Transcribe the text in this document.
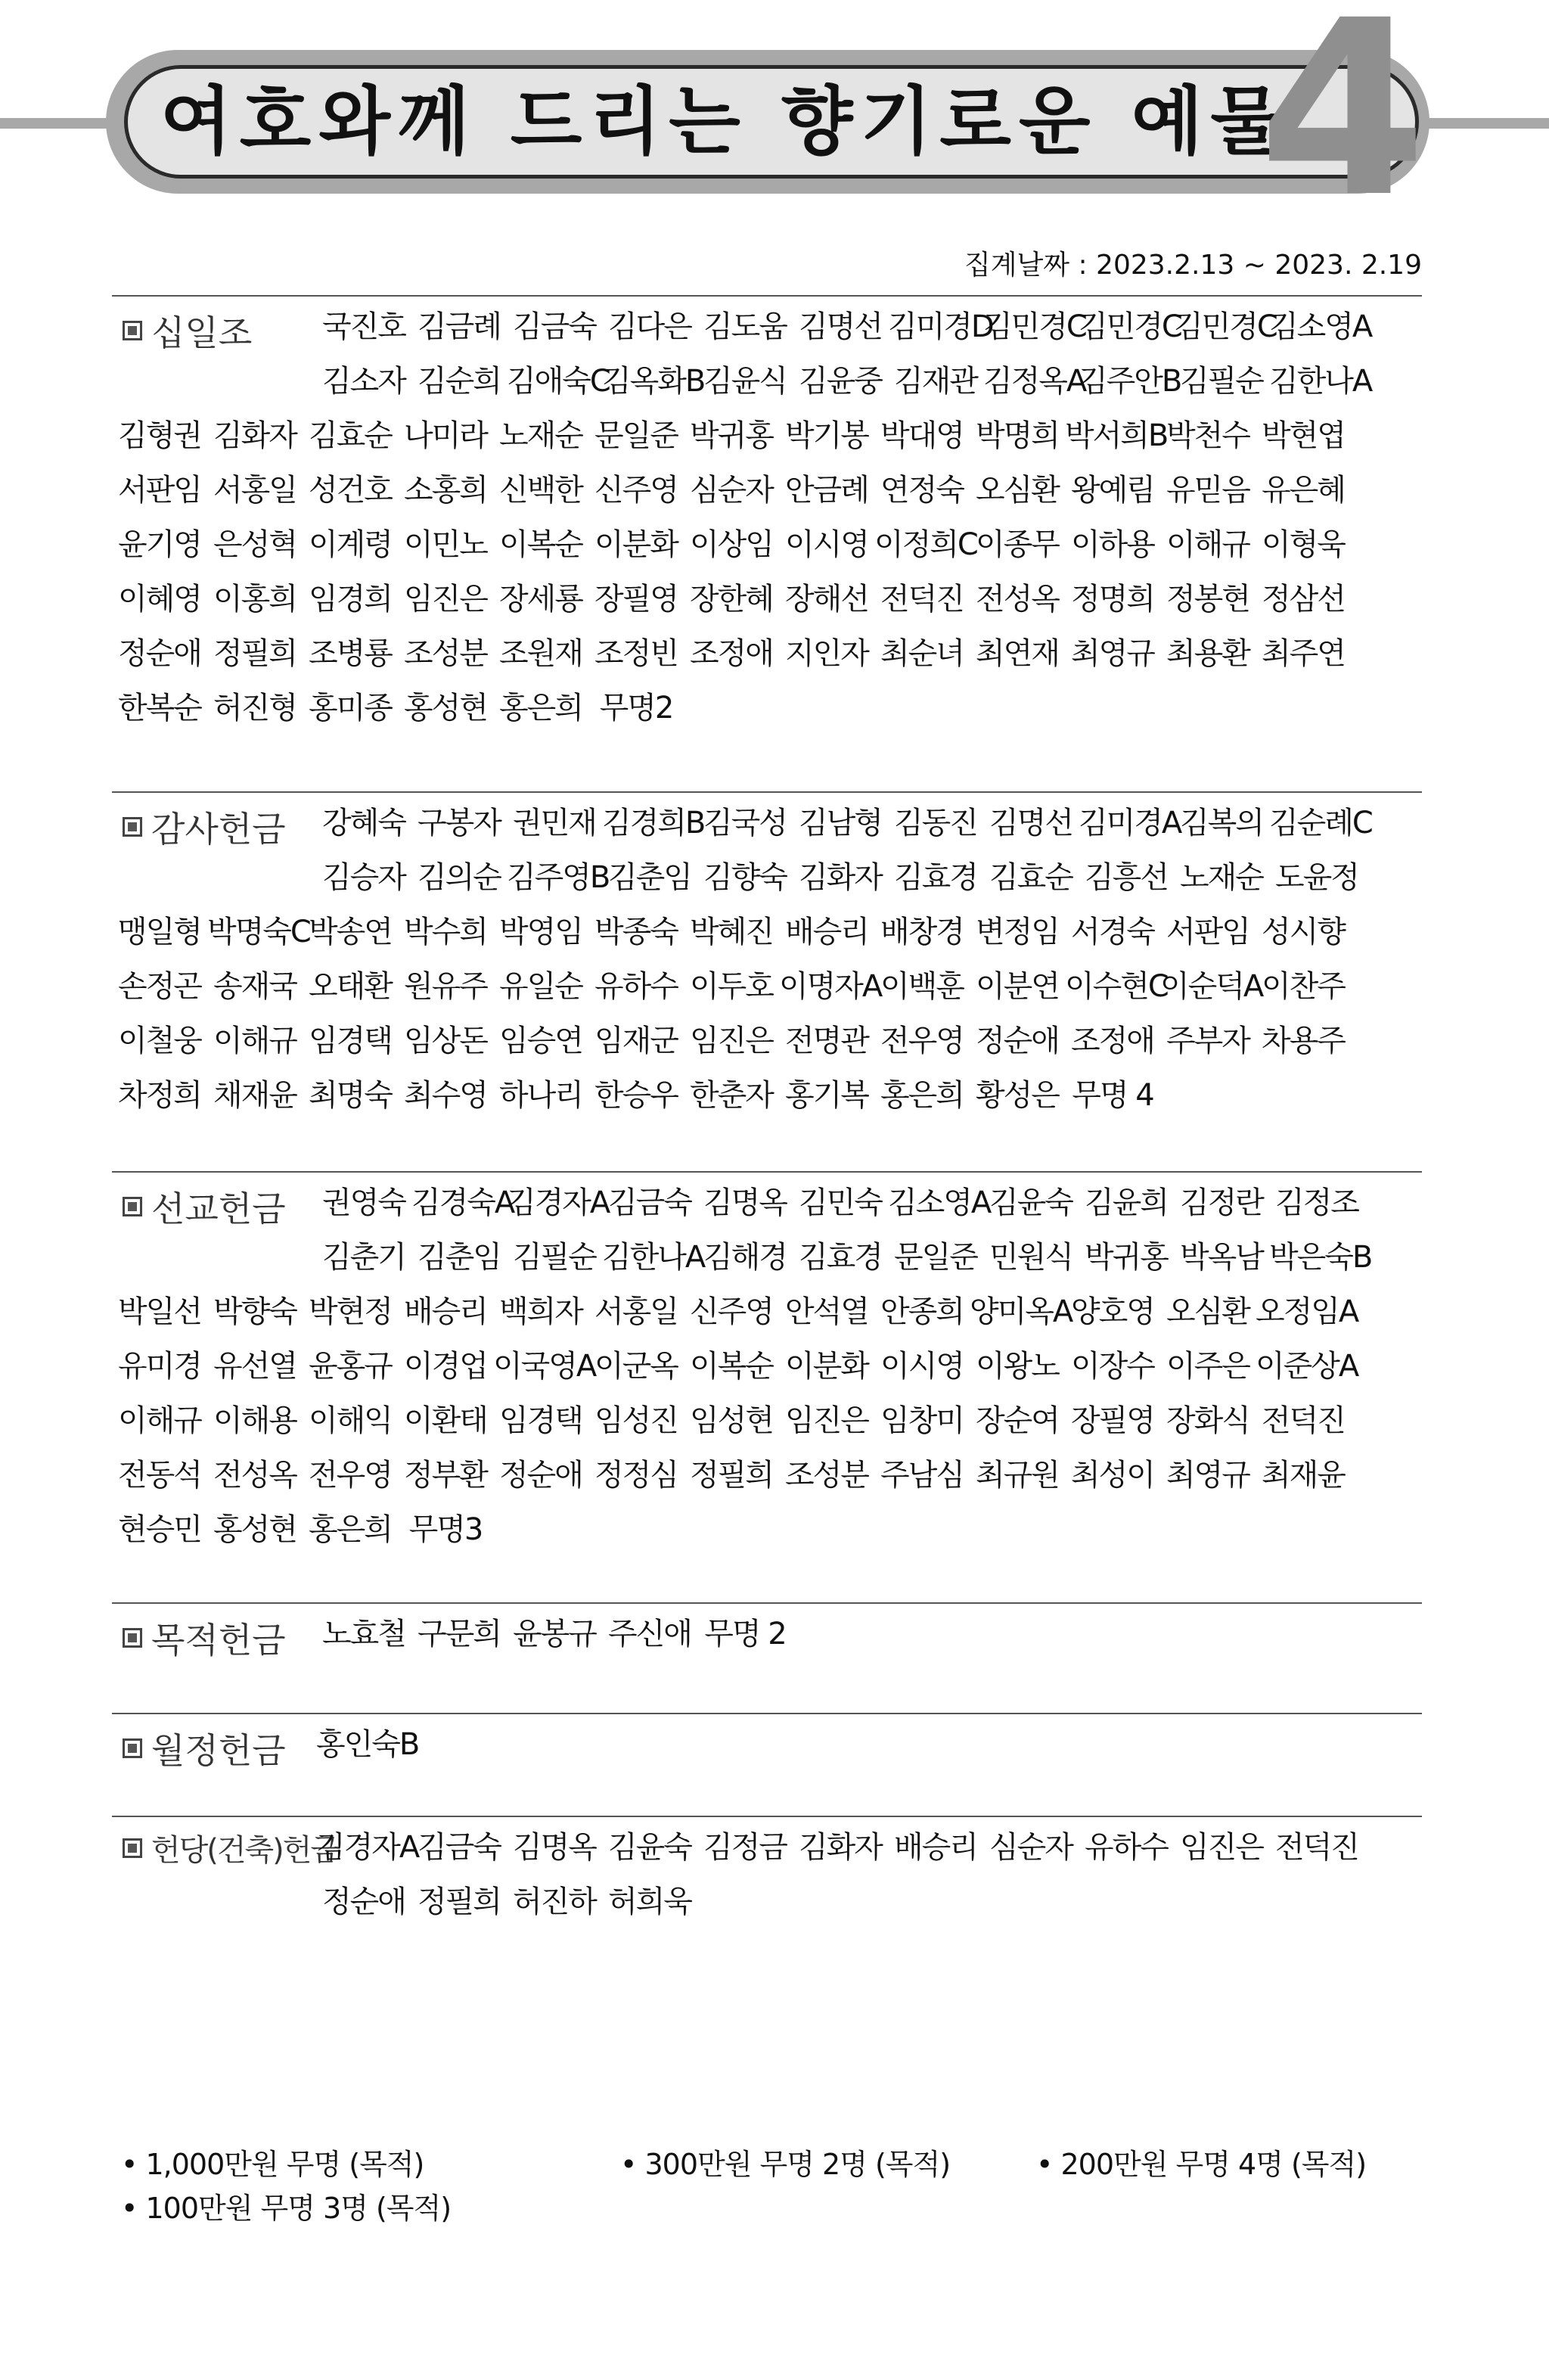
여호와께 드리는 향기로운 예물
4
집계날짜 : 2023.2.13 ~ 2023. 2.19
십일조 국진호 김금례 김금숙 김다은 김도움 김명선 김미경D
김민경C
김민경C
김민경C
김소영A
김소자 김순희 김애숙C
김옥화B
김윤식 김윤중 김재관 김정옥A
김주안B
김필순 김한나A
김형권 김화자 김효순 나미라 노재순 문일준 박귀홍 박기봉 박대영 박명희 박서희B
박천수 박현엽
서판임 서홍일 성건호 소홍희 신백한 신주영 심순자 안금례 연정숙 오심환 왕예림 유믿음 유은혜
윤기영 은성혁 이계령 이민노 이복순 이분화 이상임 이시영 이정희C
이종무 이하용 이해규 이형욱
이혜영 이홍희 임경희 임진은 장세룡 장필영 장한혜 장해선 전덕진 전성옥 정명희 정봉현 정삼선
정순애 정필희 조병룡 조성분 조원재 조정빈 조정애 지인자 최순녀 최연재 최영규 최용환 최주연
한복순 허진형 홍미종 홍성현 홍은희 무명2
감사헌금 강혜숙 구봉자 권민재 김경희B
김국성 김남형 김동진 김명선 김미경A
김복의 김순례C
김승자 김의순 김주영B
김춘임 김향숙 김화자 김효경 김효순 김흥선 노재순 도윤정
맹일형 박명숙C
박송연 박수희 박영임 박종숙 박혜진 배승리 배창경 변정임 서경숙 서판임 성시향
손정곤 송재국 오태환 원유주 유일순 유하수 이두호 이명자A
이백훈 이분연 이수현C
이순덕A
이찬주
이철웅 이해규 임경택 임상돈 임승연 임재군 임진은 전명관 전우영 정순애 조정애 주부자 차용주
차정희 채재윤 최명숙 최수영 하나리 한승우 한춘자 홍기복 홍은희 황성은 무명 4
선교헌금 권영숙 김경숙A
김경자A
김금숙 김명옥 김민숙 김소영A
김윤숙 김윤희 김정란 김정조
김춘기 김춘임 김필순 김한나A
김해경 김효경 문일준 민원식 박귀홍 박옥남 박은숙B
박일선 박향숙 박현정 배승리 백희자 서홍일 신주영 안석열 안종희 양미옥A
양호영 오심환 오정임A
유미경 유선열 윤홍규 이경업 이국영A
이군옥 이복순 이분화 이시영 이왕노 이장수 이주은 이준상A
이해규 이해용 이해익 이환태 임경택 임성진 임성현 임진은 임창미 장순여 장필영 장화식 전덕진
전동석 전성옥 전우영 정부환 정순애 정정심 정필희 조성분 주남심 최규원 최성이 최영규 최재윤
현승민 홍성현 홍은희 무명3
목적헌금 노효철 구문희 윤봉규 주신애 무명 2
월정헌금 홍인숙B
헌당(건축)헌금
김경자A
김금숙 김명옥 김윤숙 김정금 김화자 배승리 심순자 유하수 임진은 전덕진
정순애 정필희 허진하 허희욱
• 1,000만원 무명 (목적)	• 300만원 무명 2명 (목적)	• 200만원 무명 4명 (목적)
• 100만원 무명 3명 (목적)
